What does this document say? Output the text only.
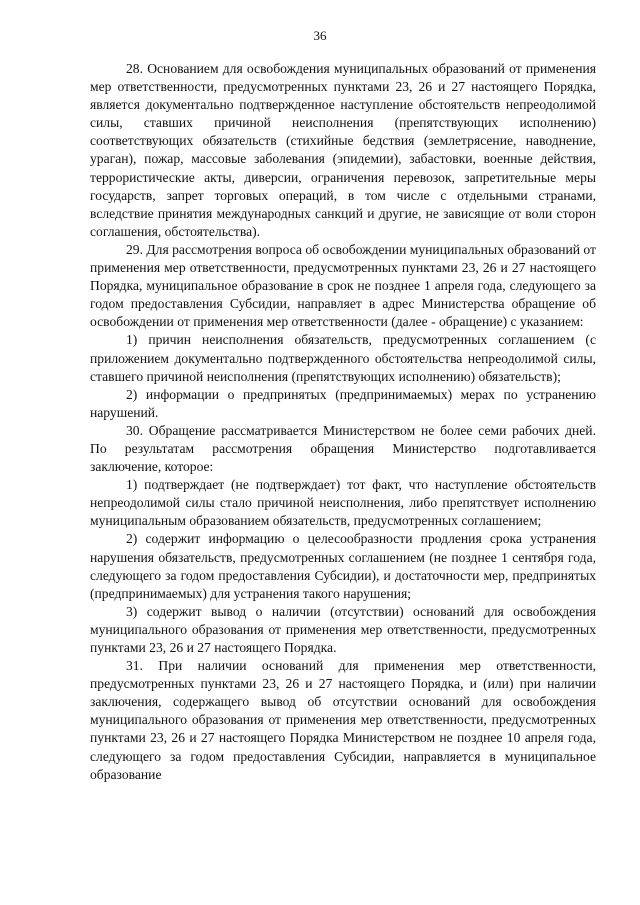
36

28. Основанием для освобождения муниципальных образований от применения мер ответственности, предусмотренных пунктами 23, 26 и 27 настоящего Порядка, является документально подтвержденное наступление обстоятельств непреодолимой силы, ставших причиной неисполнения (препятствующих исполнению) соответствующих обязательств (стихийные бедствия (землетрясение, наводнение, ураган), пожар, массовые заболевания (эпидемии), забастовки, военные действия, террористические акты, диверсии, ограничения перевозок, запретительные меры государств, запрет торговых операций, в том числе с отдельными странами, вследствие принятия международных санкций и другие, не зависящие от воли сторон соглашения, обстоятельства).

29. Для рассмотрения вопроса об освобождении муниципальных образований от применения мер ответственности, предусмотренных пунктами 23, 26 и 27 настоящего Порядка, муниципальное образование в срок не позднее 1 апреля года, следующего за годом предоставления Субсидии, направляет в адрес Министерства обращение об освобождении от применения мер ответственности (далее - обращение) с указанием:

1) причин неисполнения обязательств, предусмотренных соглашением (с приложением документально подтвержденного обстоятельства непреодолимой силы, ставшего причиной неисполнения (препятствующих исполнению) обязательств);

2) информации о предпринятых (предпринимаемых) мерах по устранению нарушений.

30. Обращение рассматривается Министерством не более семи рабочих дней. По результатам рассмотрения обращения Министерство подготавливается заключение, которое:

1) подтверждает (не подтверждает) тот факт, что наступление обстоятельств непреодолимой силы стало причиной неисполнения, либо препятствует исполнению муниципальным образованием обязательств, предусмотренных соглашением;

2) содержит информацию о целесообразности продления срока устранения нарушения обязательств, предусмотренных соглашением (не позднее 1 сентября года, следующего за годом предоставления Субсидии), и достаточности мер, предпринятых (предпринимаемых) для устранения такого нарушения;

3) содержит вывод о наличии (отсутствии) оснований для освобождения муниципального образования от применения мер ответственности, предусмотренных пунктами 23, 26 и 27 настоящего Порядка.

31. При наличии оснований для применения мер ответственности, предусмотренных пунктами 23, 26 и 27 настоящего Порядка, и (или) при наличии заключения, содержащего вывод об отсутствии оснований для освобождения муниципального образования от применения мер ответственности, предусмотренных пунктами 23, 26 и 27 настоящего Порядка Министерством не позднее 10 апреля года, следующего за годом предоставления Субсидии, направляется в муниципальное образование
